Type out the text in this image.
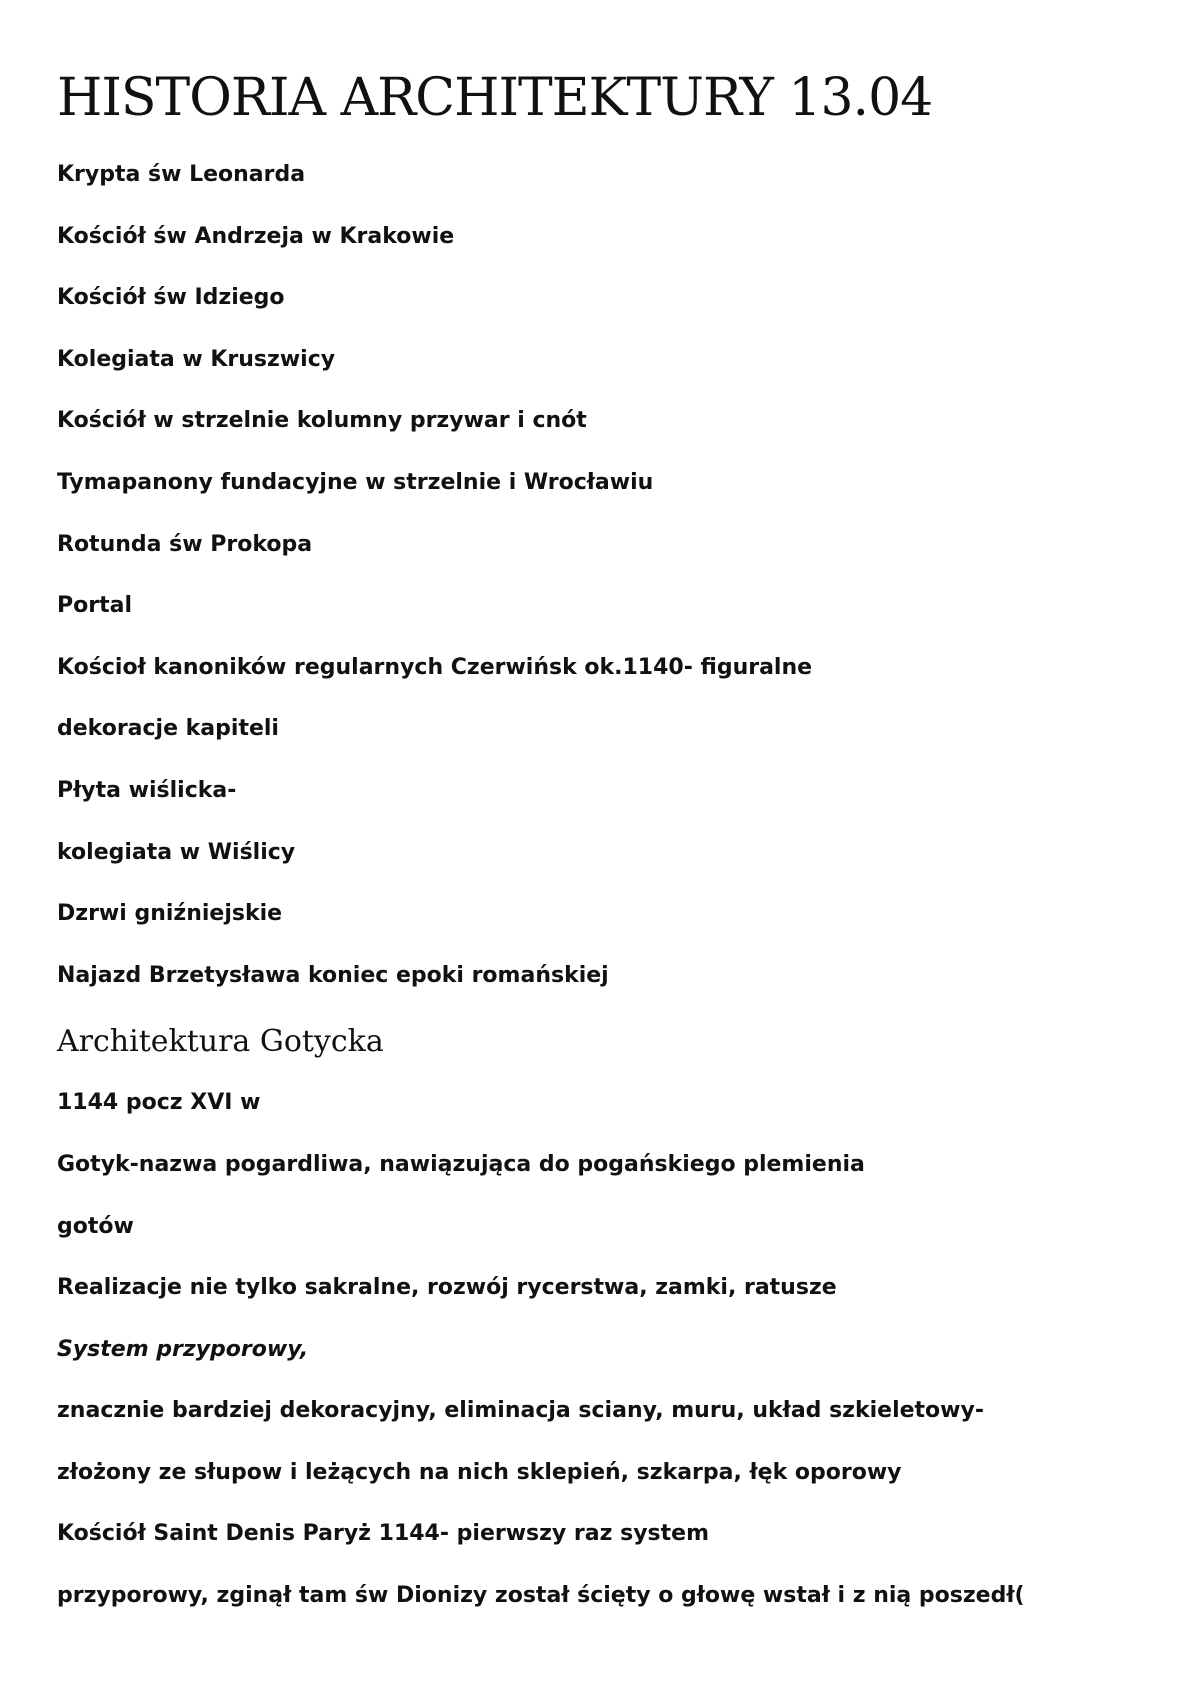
HISTORIA ARCHITEKTURY 13.04
Krypta św Leonarda
Kościół św Andrzeja w Krakowie
Kościół św Idziego
Kolegiata w Kruszwicy
Kościół w strzelnie kolumny przywar i cnót
Tymapanony fundacyjne w strzelnie i Wrocławiu
Rotunda św Prokopa
Portal
Kościoł kanoników regularnych Czerwińsk ok.1140- figuralne
dekoracje kapiteli
Płyta wiślicka-
kolegiata w Wiślicy
Dzrwi gniźniejskie
Najazd Brzetysława koniec epoki romańskiej
Architektura Gotycka
1144 pocz XVI w
Gotyk-nazwa pogardliwa, nawiązująca do pogańskiego plemienia
gotów
Realizacje nie tylko sakralne, rozwój rycerstwa, zamki, ratusze
System przyporowy,
znacznie bardziej dekoracyjny, eliminacja sciany, muru, układ szkieletowy-
złożony ze słupow i leżących na nich sklepień, szkarpa, łęk oporowy
Kościół Saint Denis Paryż 1144- pierwszy raz system
przyporowy, zginął tam św Dionizy został ścięty o głowę wstał i z nią poszedł(
